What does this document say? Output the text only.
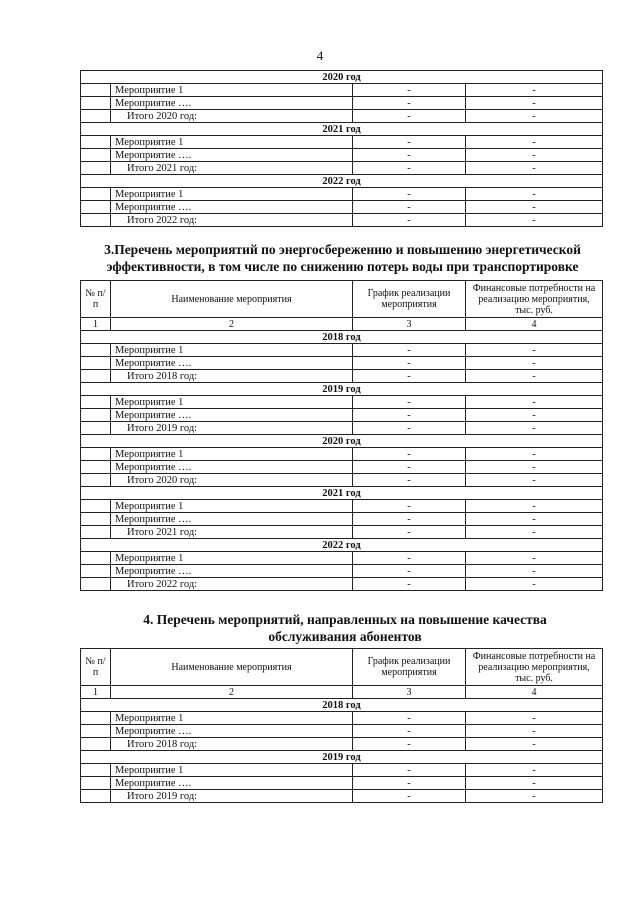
4
2020 год			
	Мероприятие 1	-	-
	Мероприятие ….	-	-
	Итого 2020 год:	-	-
2021 год			
	Мероприятие 1	-	-
	Мероприятие ….	-	-
	Итого 2021 год:	-	-
2022 год			
	Мероприятие 1	-	-
	Мероприятие ….	-	-
	Итого 2022 год:	-	-

3.Перечень мероприятий по энергосбережению и повышению энергетической эффективности, в том числе по снижению потерь воды при транспортировке

№ п/п	Наименование мероприятия	График реализации мероприятия	Финансовые потребности на реализацию мероприятия, тыс. руб.
1	2	3	4
2018 год			
	Мероприятие 1	-	-
	Мероприятие ….	-	-
	Итого 2018 год:	-	-
2019 год			
	Мероприятие 1	-	-
	Мероприятие ….	-	-
	Итого 2019 год:	-	-
2020 год			
	Мероприятие 1	-	-
	Мероприятие ….	-	-
	Итого 2020 год:	-	-
2021 год			
	Мероприятие 1	-	-
	Мероприятие ….	-	-
	Итого 2021 год:	-	-
2022 год			
	Мероприятие 1	-	-
	Мероприятие ….	-	-
	Итого 2022 год:	-	-

4. Перечень мероприятий, направленных на повышение качества обслуживания абонентов

№ п/п	Наименование мероприятия	График реализации мероприятия	Финансовые потребности на реализацию мероприятия, тыс. руб.
1	2	3	4
2018 год			
	Мероприятие 1	-	-
	Мероприятие ….	-	-
	Итого 2018 год:	-	-
2019 год			
	Мероприятие 1	-	-
	Мероприятие ….	-	-
	Итого 2019 год:	-	-
